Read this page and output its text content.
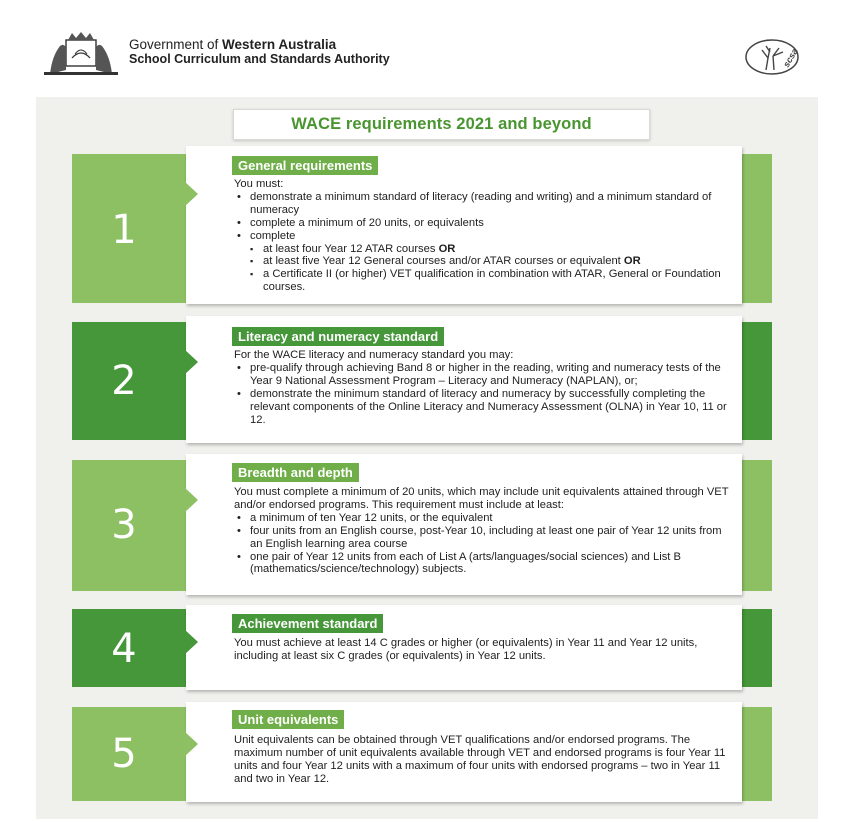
Government of Western Australia
School Curriculum and Standards Authority	scsa
WACE requirements 2021 and beyond
1
General requirements

You must:

• demonstrate a minimum standard of literacy (reading and writing) and a minimum standard of numeracy
• complete a minimum of 20 units, or equivalents
• complete
▪ at least four Year 12 ATAR courses OR
▪ at least five Year 12 General courses and/or ATAR courses or equivalent OR
▪ a Certificate II (or higher) VET qualification in combination with ATAR, General or Foundation courses.
2
Literacy and numeracy standard

For the WACE literacy and numeracy standard you may:

• pre-qualify through achieving Band 8 or higher in the reading, writing and numeracy tests of the Year 9 National Assessment Program – Literacy and Numeracy (NAPLAN), or;
• demonstrate the minimum standard of literacy and numeracy by successfully completing the relevant components of the Online Literacy and Numeracy Assessment (OLNA) in Year 10, 11 or 12.
3
Breadth and depth

You must complete a minimum of 20 units, which may include unit equivalents attained through VET and/or endorsed programs. This requirement must include at least:

• a minimum of ten Year 12 units, or the equivalent
• four units from an English course, post-Year 10, including at least one pair of Year 12 units from an English learning area course
• one pair of Year 12 units from each of List A (arts/languages/social sciences) and List B (mathematics/science/technology) subjects.
4
Achievement standard

You must achieve at least 14 C grades or higher (or equivalents) in Year 11 and Year 12 units, including at least six C grades (or equivalents) in Year 12 units.

5
Unit equivalents

Unit equivalents can be obtained through VET qualifications and/or endorsed programs. The maximum number of unit equivalents available through VET and endorsed programs is four Year 11 units and four Year 12 units with a maximum of four units with endorsed programs – two in Year 11 and two in Year 12.
